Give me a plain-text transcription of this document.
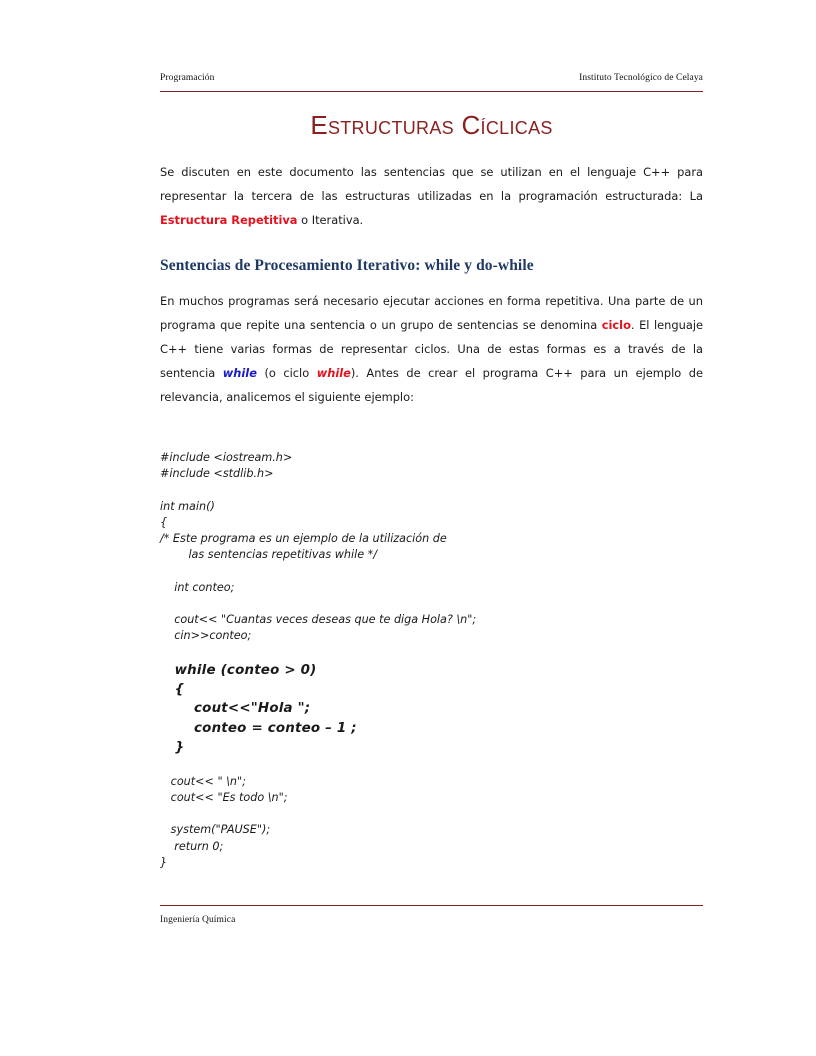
Programación	Instituto Tecnológico de Celaya
Estructuras Cíclicas
Se discuten en este documento las sentencias que se utilizan en el lenguaje C++ para representar la tercera de las estructuras utilizadas en la programación estructurada: La Estructura Repetitiva o Iterativa.
Sentencias de Procesamiento Iterativo: while y do-while
En muchos programas será necesario ejecutar acciones en forma repetitiva. Una parte de un programa que repite una sentencia o un grupo de sentencias se denomina ciclo. El lenguaje C++ tiene varias formas de representar ciclos. Una de estas formas es a través de la sentencia while (o ciclo while). Antes de crear el programa C++ para un ejemplo de relevancia, analicemos el siguiente ejemplo:
#include <iostream.h>
#include <stdlib.h>
int main()
{
/* Este programa es un ejemplo de la utilización de
las sentencias repetitivas while */
int conteo;
cout<< "Cuantas veces deseas que te diga Hola? \n";
cin>>conteo;
while (conteo > 0)
{
cout<<"Hola ";
conteo = conteo – 1 ;
}
cout<< " \n";
cout<< "Es todo \n";
system("PAUSE");
return 0;
}
Ingeniería Química
